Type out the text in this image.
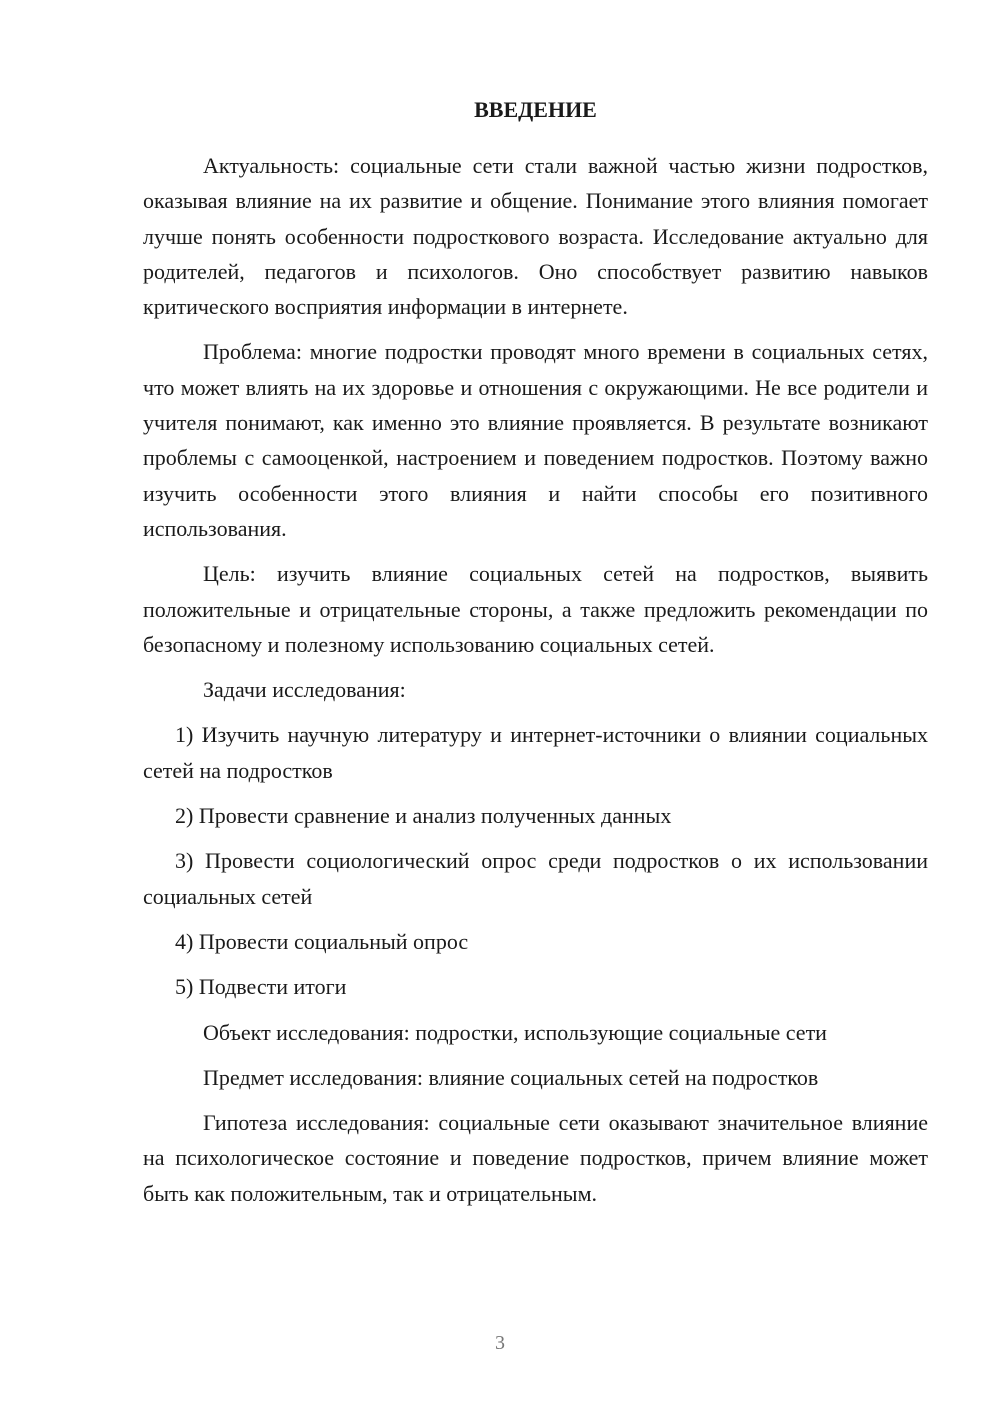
ВВЕДЕНИЕ

Актуальность: социальные сети стали важной частью жизни подростков, оказывая влияние на их развитие и общение. Понимание этого влияния помогает лучше понять особенности подросткового возраста. Исследование актуально для родителей, педагогов и психологов. Оно способствует развитию навыков критического восприятия информации в интернете.

Проблема: многие подростки проводят много времени в социальных сетях, что может влиять на их здоровье и отношения с окружающими. Не все родители и учителя понимают, как именно это влияние проявляется. В результате возникают проблемы с самооценкой, настроением и поведением подростков. Поэтому важно изучить особенности этого влияния и найти способы его позитивного использования.

Цель: изучить влияние социальных сетей на подростков, выявить положительные и отрицательные стороны, а также предложить рекомендации по безопасному и полезному использованию социальных сетей.

Задачи исследования:

1) Изучить научную литературу и интернет-источники о влиянии социальных сетей на подростков

2) Провести сравнение и анализ полученных данных

3) Провести социологический опрос среди подростков о их использовании социальных сетей

4) Провести социальный опрос

5) Подвести итоги

Объект исследования: подростки, использующие социальные сети

Предмет исследования: влияние социальных сетей на подростков

Гипотеза исследования: социальные сети оказывают значительное влияние на психологическое состояние и поведение подростков, причем влияние может быть как положительным, так и отрицательным.

3
